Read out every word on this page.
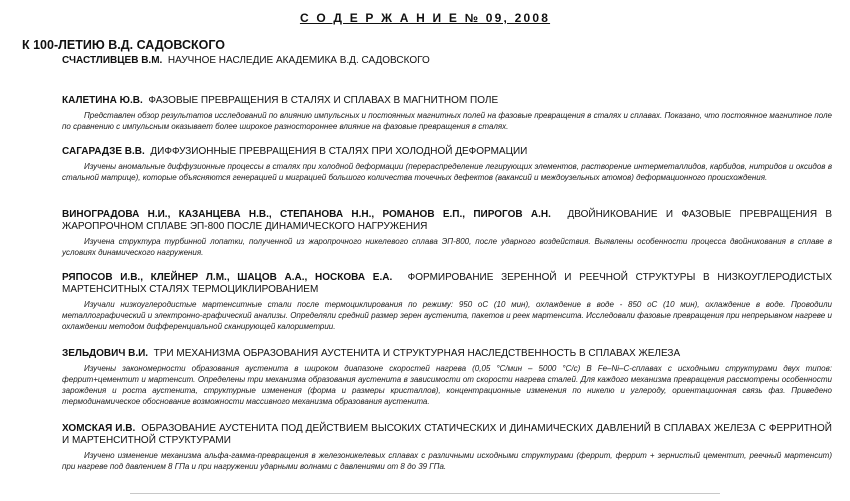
С О Д Е Р Ж А Н И Е № 09, 2008
К 100-ЛЕТИЮ В.Д. САДОВСКОГО

СЧАСТЛИВЦЕВ В.М. НАУЧНОЕ НАСЛЕДИЕ АКАДЕМИКА В.Д. САДОВСКОГО

КАЛЕТИНА Ю.В. ФАЗОВЫЕ ПРЕВРАЩЕНИЯ В СТАЛЯХ И СПЛАВАХ В МАГНИТНОМ ПОЛЕ

Представлен обзор результатов исследований по влиянию импульсных и постоянных магнитных полей на фазовые превращения в сталях и сплавах. Показано, что постоянное магнитное поле по сравнению с импульсным оказывает более широкое разностороннее влияние на фазовые превращения в сталях.

САГАРАДЗЕ В.В. ДИФФУЗИОННЫЕ ПРЕВРАЩЕНИЯ В СТАЛЯХ ПРИ ХОЛОДНОЙ ДЕФОРМАЦИИ

Изучены аномальные диффузионные процессы в сталях при холодной деформации (перераспределение легирующих элементов, растворение интерметаллидов, карбидов, нитридов и оксидов в стальной матрице), которые объясняются генерацией и миграцией большого количества точечных дефектов (вакансий и междоузельных атомов) деформационного происхождения.

ВИНОГРАДОВА Н.И., КАЗАНЦЕВА Н.В., СТЕПАНОВА Н.Н., РОМАНОВ Е.П., ПИРОГОВ А.Н. ДВОЙНИКОВАНИЕ И ФАЗОВЫЕ ПРЕВРАЩЕНИЯ В ЖАРОПРОЧНОМ СПЛАВЕ ЭП-800 ПОСЛЕ ДИНАМИЧЕСКОГО НАГРУЖЕНИЯ

Изучена структура турбинной лопатки, полученной из жаропрочного никелевого сплава ЭП-800, после ударного воздействия. Выявлены особенности процесса двойникования в сплаве в условиях динамического нагружения.

РЯПОСОВ И.В., КЛЕЙНЕР Л.М., ШАЦОВ А.А., НОСКОВА Е.А. ФОРМИРОВАНИЕ ЗЕРЕННОЙ И РЕЕЧНОЙ СТРУКТУРЫ В НИЗКОУГЛЕРОДИСТЫХ МАРТЕНСИТНЫХ СТАЛЯХ ТЕРМОЦИКЛИРОВАНИЕМ

Изучали низкоуглеродистые мартенситные стали после термоциклирования по режиму: 950 оС (10 мин), охлаждение в воде - 850 оС (10 мин), охлаждение в воде. Проводили металлографический и электронно-графический анализы. Определяли средний размер зерен аустенита, пакетов и реек мартенсита. Исследовали фазовые превращения при непрерывном нагреве и охлаждении методом дифференциальной сканирующей калориметрии.

ЗЕЛЬДОВИЧ В.И. ТРИ МЕХАНИЗМА ОБРАЗОВАНИЯ АУСТЕНИТА И СТРУКТУРНАЯ НАСЛЕДСТВЕННОСТЬ В СПЛАВАХ ЖЕЛЕЗА

Изучены закономерности образования аустенита в широком диапазоне скоростей нагрева (0,05 °С/мин – 5000 °С/с) В Fe–Ni–C-сплавах с исходными структурами двух типов: феррит+цементит и мартенсит. Определены три механизма образования аустенита в зависимости от скорости нагрева сталей. Для каждого механизма превращения рассмотрены особенности зарождения и роста аустенита, структурные изменения (форма и размеры кристаллов), концентрационные изменения по никелю и углероду, ориентационная связь фаз. Приведено термодинамическое обоснование возможности массивного механизма образования аустенита.

ХОМСКАЯ И.В. ОБРАЗОВАНИЕ АУСТЕНИТА ПОД ДЕЙСТВИЕМ ВЫСОКИХ СТАТИЧЕСКИХ И ДИНАМИЧЕСКИХ ДАВЛЕНИЙ В СПЛАВАХ ЖЕЛЕЗА С ФЕРРИТНОЙ И МАРТЕНСИТНОЙ СТРУКТУРАМИ

Изучено изменение механизма альфа-гамма-превращения в железоникелевых сплавах с различными исходными структурами (феррит, феррит + зернистый цементит, реечный мартенсит) при нагреве под давлением 8 ГПа и при нагружении ударными волнами с давлениями от 8 до 39 ГПа.
